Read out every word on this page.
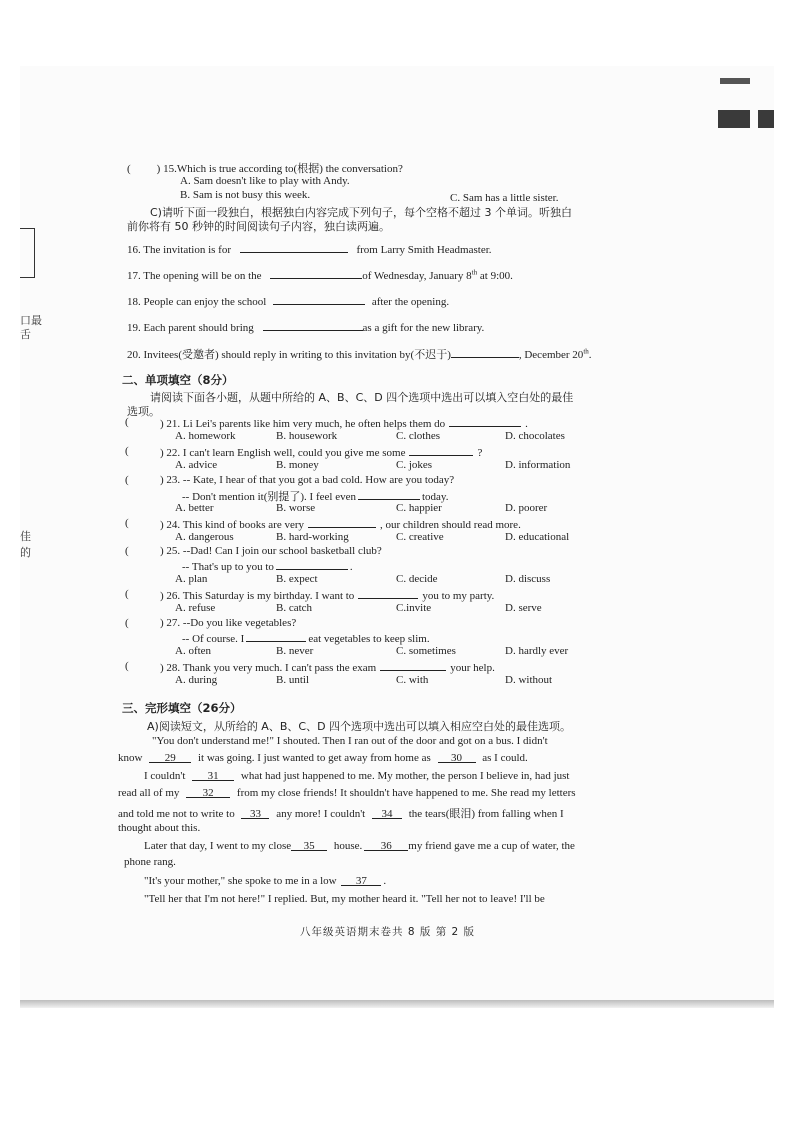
口最
舌
佳
的
( ) 15.Which is true according to(根据) the conversation?
A. Sam doesn't like to play with Andy.
B. Sam is not busy this week.	C. Sam has a little sister.
C)请听下面一段独白，根据独白内容完成下列句子，每个空格不超过 3 个单词。听独白
前你将有 50 秒钟的时间阅读句子内容，独白读两遍。
16. The invitation is for	from Larry Smith Headmaster.
17. The opening will be on the	of Wednesday, January 8th at 9:00.
18. People can enjoy the school	after the opening.
19. Each parent should bring	as a gift for the new library.
20. Invitees(受邀者) should reply in writing to this invitation by(不迟于)	, December 20th.
二、单项填空（8分）
请阅读下面各小题，从题中所给的 A、B、C、D 四个选项中选出可以填入空白处的最佳
选项。
(	) 21. Li Lei's parents like him very much, he often helps them do	.
A. homework	B. housework	C. clothes	D. chocolates
(	) 22. I can't learn English well, could you give me some	?
A. advice	B. money	C. jokes	D. information
(	) 23. -- Kate, I hear of that you got a bad cold. How are you today?
-- Don't mention it(别提了). I feel even	today.
A. better	B. worse	C. happier	D. poorer
(	) 24. This kind of books are very	, our children should read more.
A. dangerous	B. hard-working	C. creative	D. educational
(	) 25. --Dad! Can I join our school basketball club?
-- That's up to you to	.
A. plan	B. expect	C. decide	D. discuss
(	) 26. This Saturday is my birthday. I want to	you to my party.
A. refuse	B. catch	C.invite	D. serve
(	) 27. --Do you like vegetables?
-- Of course. I	eat vegetables to keep slim.
A. often	B. never	C. sometimes	D. hardly ever
(	) 28. Thank you very much. I can't pass the exam	your help.
A. during	B. until	C. with	D. without
三、完形填空（26分）
A)阅读短文，从所给的 A、B、C、D 四个选项中选出可以填入相应空白处的最佳选项。
"You don't understand me!" I shouted. Then I ran out of the door and got on a bus. I didn't
know 29 it was going. I just wanted to get away from home as 30 as I could.
I couldn't 31 what had just happened to me. My mother, the person I believe in, had just
read all of my 32 from my close friends! It shouldn't have happened to me. She read my letters
and told me not to write to 33 any more! I couldn't 34 the tears(眼泪) from falling when I
thought about this.
Later that day, I went to my close 35 house. 36 my friend gave me a cup of water, the
phone rang.
"It's your mother," she spoke to me in a low 37 .
"Tell her that I'm not here!" I replied. But, my mother heard it. "Tell her not to leave! I'll be
八年级英语期末卷共 8 版 第 2 版
